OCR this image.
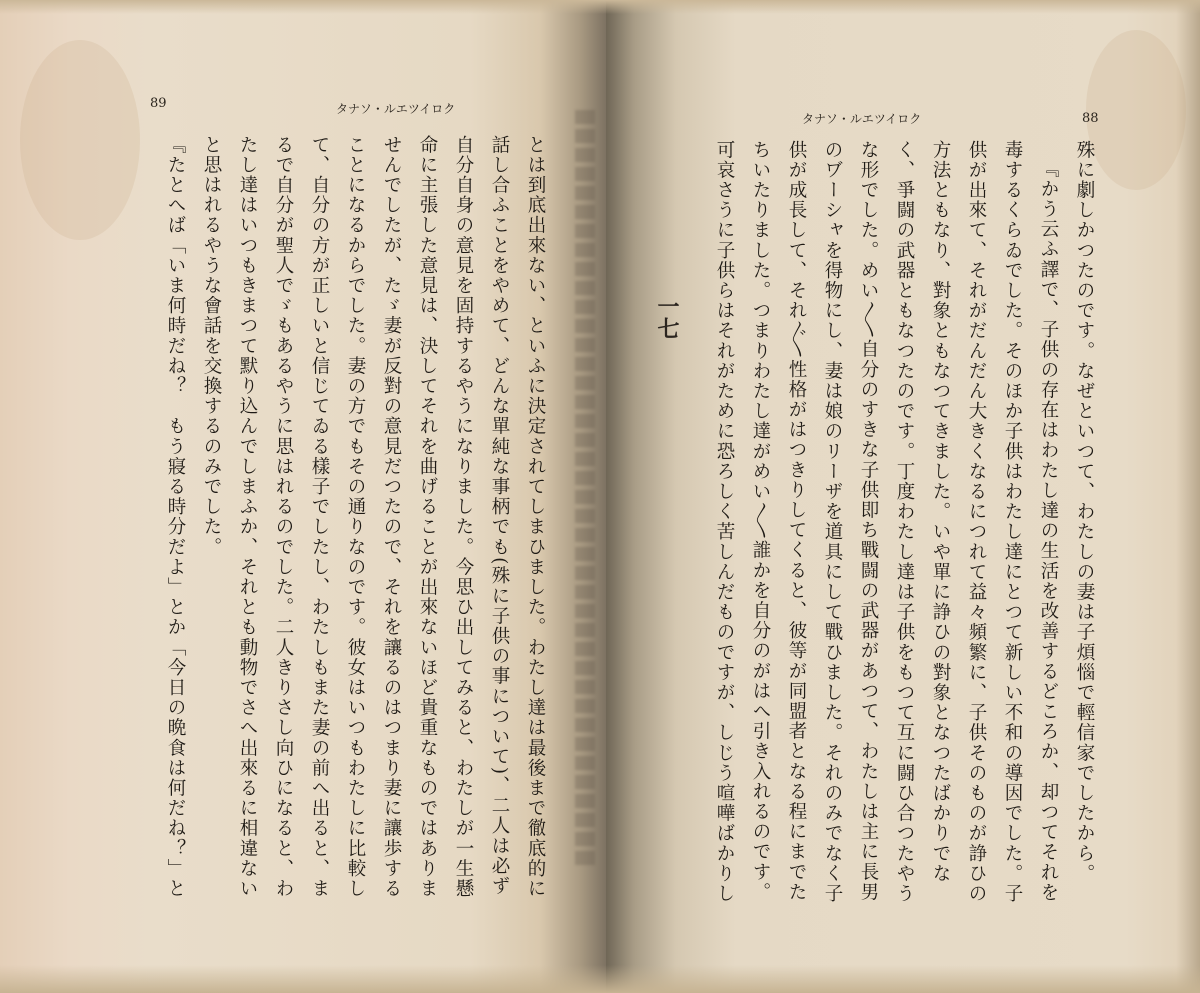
89	タナソ・ルエツイロク

とは到底出來ない、といふに決定されてしまひました。わたし達は最後まで徹底的に話し合ふことをやめて、どんな單純な事柄でも(殊に子供の事について)、二人は必ず自分自身の意見を固持するやうになりました。今思ひ出してみると、わたしが一生懸命に主張した意見は、決してそれを曲げることが出來ないほど貴重なものではありませんでしたが、たゞ妻が反對の意見だつたので、それを讓るのはつまり妻に讓歩することになるからでした。妻の方でもその通りなのです。彼女はいつもわたしに比較して、自分の方が正しいと信じてゐる樣子でしたし、わたしもまた妻の前へ出ると、まるで自分が聖人でゞもあるやうに思はれるのでした。二人きりさし向ひになると、わたし達はいつもきまつて默り込んでしまふか、それとも動物でさへ出來るに相違ないと思はれるやうな會話を交換するのみでした。

『たとへば「いま何時だね？　もう寢る時分だよ」とか「今日の晩食は何だね？」と　

タナソ・ルエツイロク	88
一七	殊に劇しかつたのです。なぜといつて、わたしの妻は子煩惱で輕信家でしたから。

『かう云ふ譯で、子供の存在はわたし達の生活を改善するどころか、却つてそれを毒するくらゐでした。そのほか子供はわたし達にとつて新しい不和の導因でした。子供が出來て、それがだんだん大きくなるにつれて益々頻繁に、子供そのものが諍ひの方法ともなり、對象ともなつてきました。いや單に諍ひの對象となつたばかりでなく、爭闘の武器ともなつたのです。丁度わたし達は子供をもつて互に闘ひ合つたやうな形でした。めい〳〵自分のすきな子供即ち戰闘の武器があつて、わたしは主に長男のヷーシャを得物にし、妻は娘のリーザを道具にして戰ひました。それのみでなく子供が成長して、それ〴〵性格がはつきりしてくると、彼等が同盟者となる程にまでたちいたりました。つまりわたし達がめい〳〵誰かを自分のがはへ引き入れるのです。可哀さうに子供らはそれがために恐ろしく苦しんだものですが、しじう喧嘩ばかりし
